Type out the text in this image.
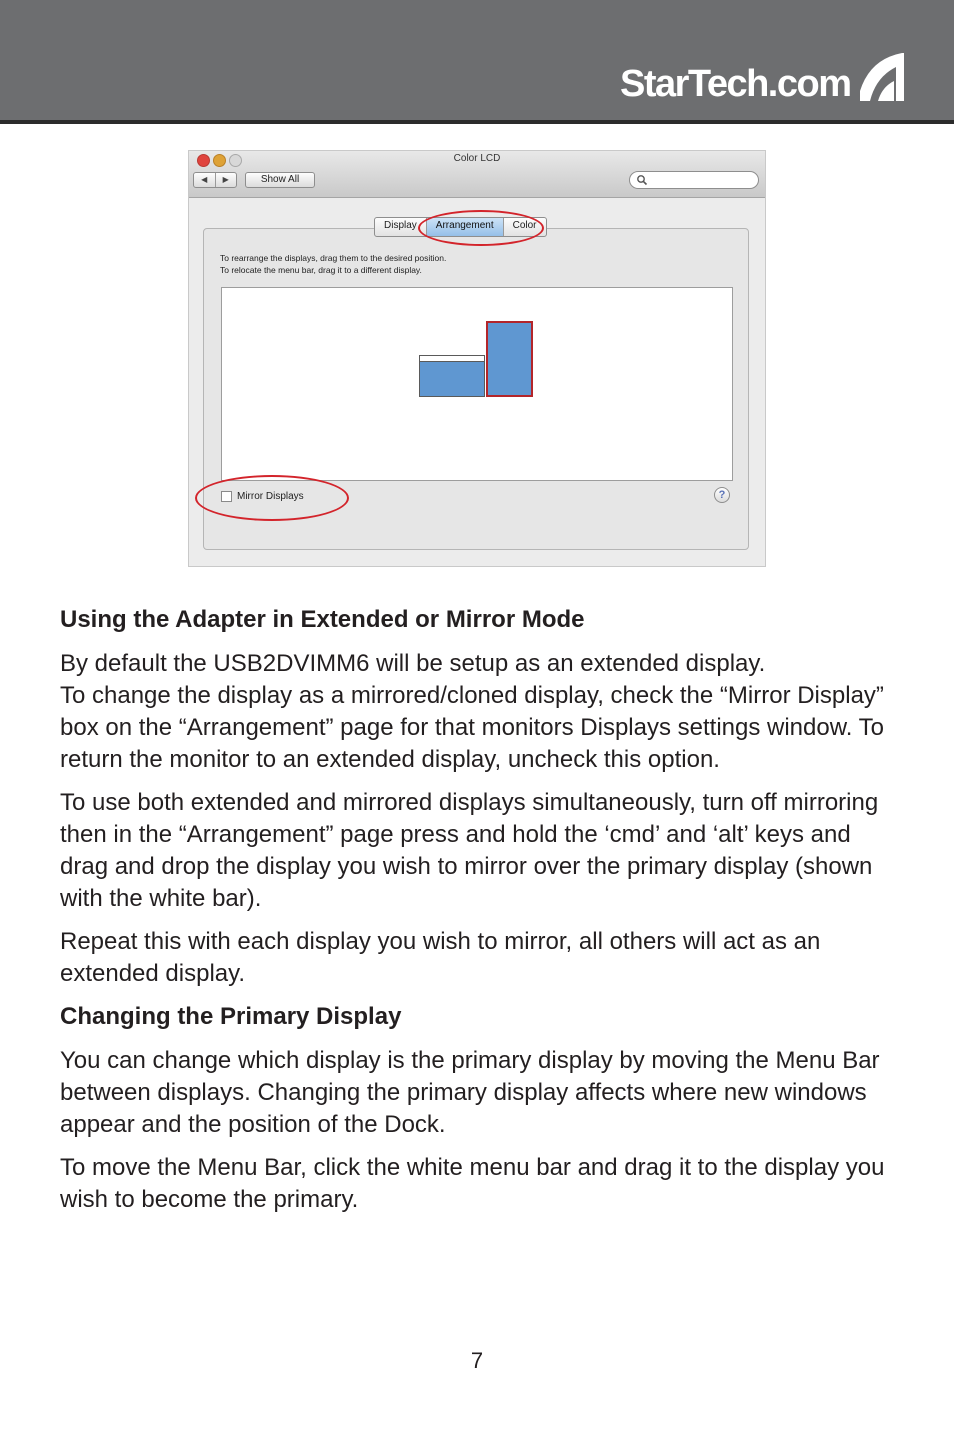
StarTech.com
Color LCD
◀	▶	Show All
Display	Arrangement	Color
To rearrange the displays, drag them to the desired position.
To relocate the menu bar, drag it to a different display.
Mirror Displays	?
Using the Adapter in Extended or Mirror Mode
By default the USB2DVIMM6 will be setup as an extended display.
To change the display as a mirrored/cloned display, check the “Mirror Display” box on the “Arrangement” page for that monitors Displays settings window. To return the monitor to an extended display, uncheck this option.
To use both extended and mirrored displays simultaneously, turn off mirroring then in the “Arrangement” page press and hold the ‘cmd’ and ‘alt’ keys and drag and drop the display you wish to mirror over the primary display (shown with the white bar).
Repeat this with each display you wish to mirror, all others will act as an extended display.
Changing the Primary Display
You can change which display is the primary display by moving the Menu Bar between displays. Changing the primary display affects where new windows appear and the position of the Dock.
To move the Menu Bar, click the white menu bar and drag it to the display you wish to become the primary.
7
